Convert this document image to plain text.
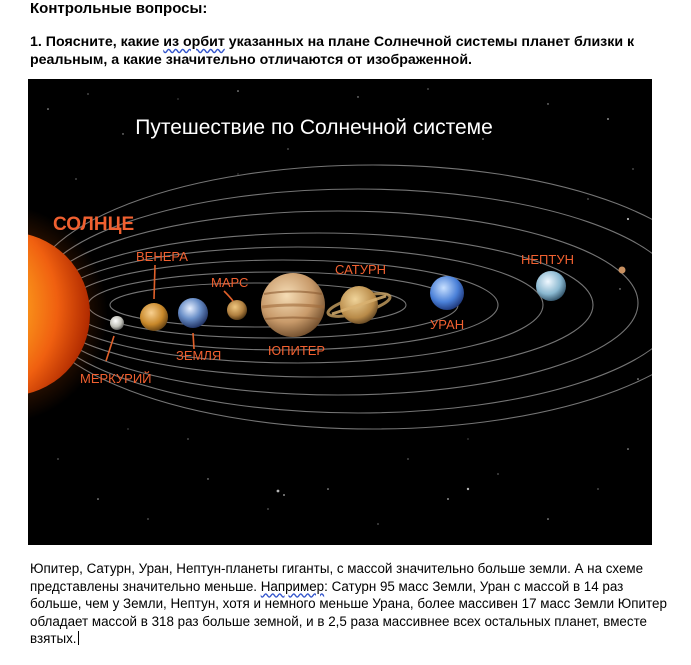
Контрольные вопросы:
1. Поясните, какие из орбит указанных на плане Солнечной системы планет близки к реальным, а какие значительно отличаются от изображенной.
Путешествие по Солнечной системе
СОЛНЦЕ
МЕРКУРИЙ
ВЕНЕРА
ЗЕМЛЯ
МАРС
ЮПИТЕР
САТУРН
УРАН
НЕПТУН
Юпитер, Сатурн, Уран, Нептун-планеты гиганты, с массой значительно больше земли. А на схеме представлены значительно меньше. Например: Сатурн 95 масс Земли, Уран с массой в 14 раз больше, чем у Земли, Нептун, хотя и немного меньше Урана, более массивен 17 масс Земли Юпитер обладает массой в 318 раз больше земной, и в 2,5 раза массивнее всех остальных планет, вместе взятых.
